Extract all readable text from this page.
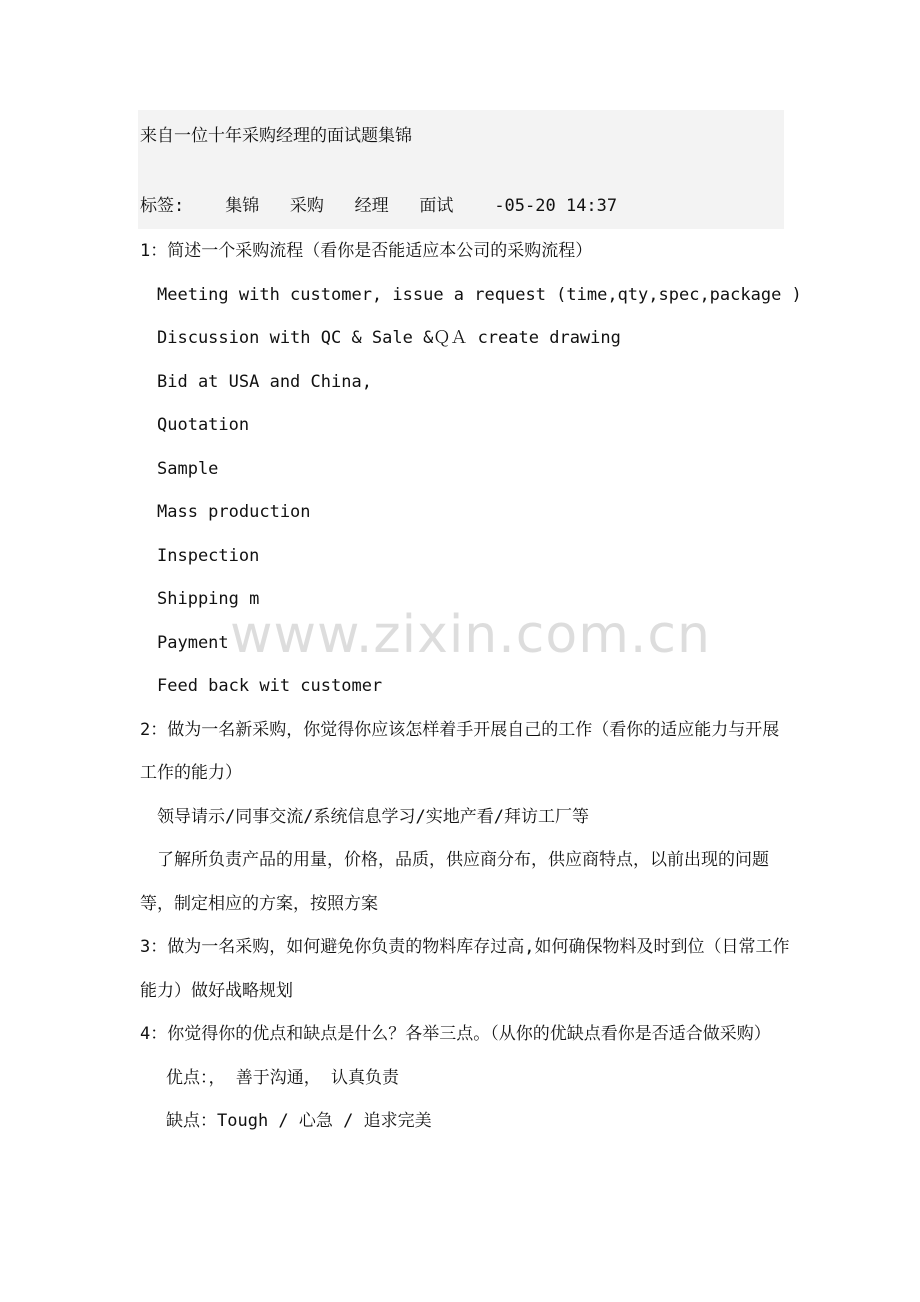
来自一位十年采购经理的面试题集锦
标签: 集锦 采购 经理 面试 -05-20 14:37
1：简述一个采购流程（看你是否能适应本公司的采购流程）
Meeting with customer, issue a request (time,qty,spec,package )
Discussion with QC & Sale &ＱＡ create drawing
Bid at USA and China,
Quotation
Sample
Mass production
Inspection
Shipping m
Payment
Feed back wit customer
2：做为一名新采购，你觉得你应该怎样着手开展自己的工作（看你的适应能力与开展工作的能力）
领导请示/同事交流/系统信息学习/实地产看/拜访工厂等
了解所负责产品的用量，价格，品质，供应商分布，供应商特点，以前出现的问题等，制定相应的方案，按照方案
3：做为一名采购，如何避免你负责的物料库存过高,如何确保物料及时到位（日常工作能力）做好战略规划
4：你觉得你的优点和缺点是什么？各举三点。（从你的优缺点看你是否适合做采购）
优点：， 善于沟通， 认真负责
缺点：Tough / 心急 / 追求完美
www.zixin.com.cn
